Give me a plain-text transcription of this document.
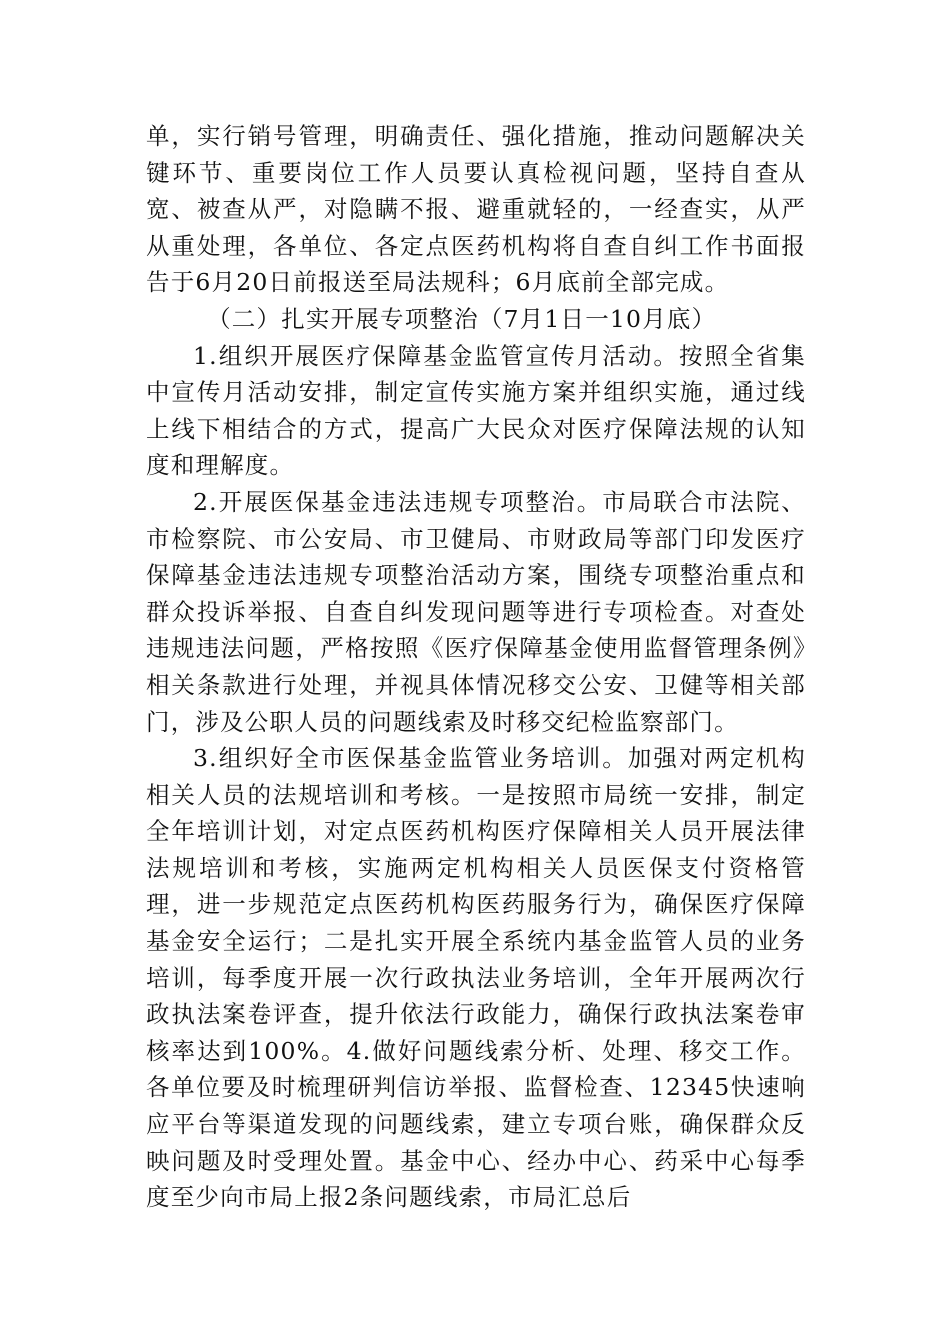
单，实行销号管理，明确责任、强化措施，推动问题解决关键环节、重要岗位工作人员要认真检视问题，坚持自查从宽、被查从严，对隐瞒不报、避重就轻的，一经查实，从严从重处理，各单位、各定点医药机构将自查自纠工作书面报告于6月20日前报送至局法规科；6月底前全部完成。

（二）扎实开展专项整治（7月1日一10月底）

1.组织开展医疗保障基金监管宣传月活动。按照全省集中宣传月活动安排，制定宣传实施方案并组织实施，通过线上线下相结合的方式，提高广大民众对医疗保障法规的认知度和理解度。

2.开展医保基金违法违规专项整治。市局联合市法院、市检察院、市公安局、市卫健局、市财政局等部门印发医疗保障基金违法违规专项整治活动方案，围绕专项整治重点和群众投诉举报、自查自纠发现问题等进行专项检查。对查处违规违法问题，严格按照《医疗保障基金使用监督管理条例》相关条款进行处理，并视具体情况移交公安、卫健等相关部门，涉及公职人员的问题线索及时移交纪检监察部门。

3.组织好全市医保基金监管业务培训。加强对两定机构相关人员的法规培训和考核。一是按照市局统一安排，制定全年培训计划，对定点医药机构医疗保障相关人员开展法律法规培训和考核，实施两定机构相关人员医保支付资格管理，进一步规范定点医药机构医药服务行为，确保医疗保障基金安全运行；二是扎实开展全系统内基金监管人员的业务培训，每季度开展一次行政执法业务培训，全年开展两次行政执法案卷评查，提升依法行政能力，确保行政执法案卷审核率达到100%。4.做好问题线索分析、处理、移交工作。各单位要及时梳理研判信访举报、监督检查、12345快速响应平台等渠道发现的问题线索，建立专项台账，确保群众反映问题及时受理处置。基金中心、经办中心、药采中心每季度至少向市局上报2条问题线索，市局汇总后
